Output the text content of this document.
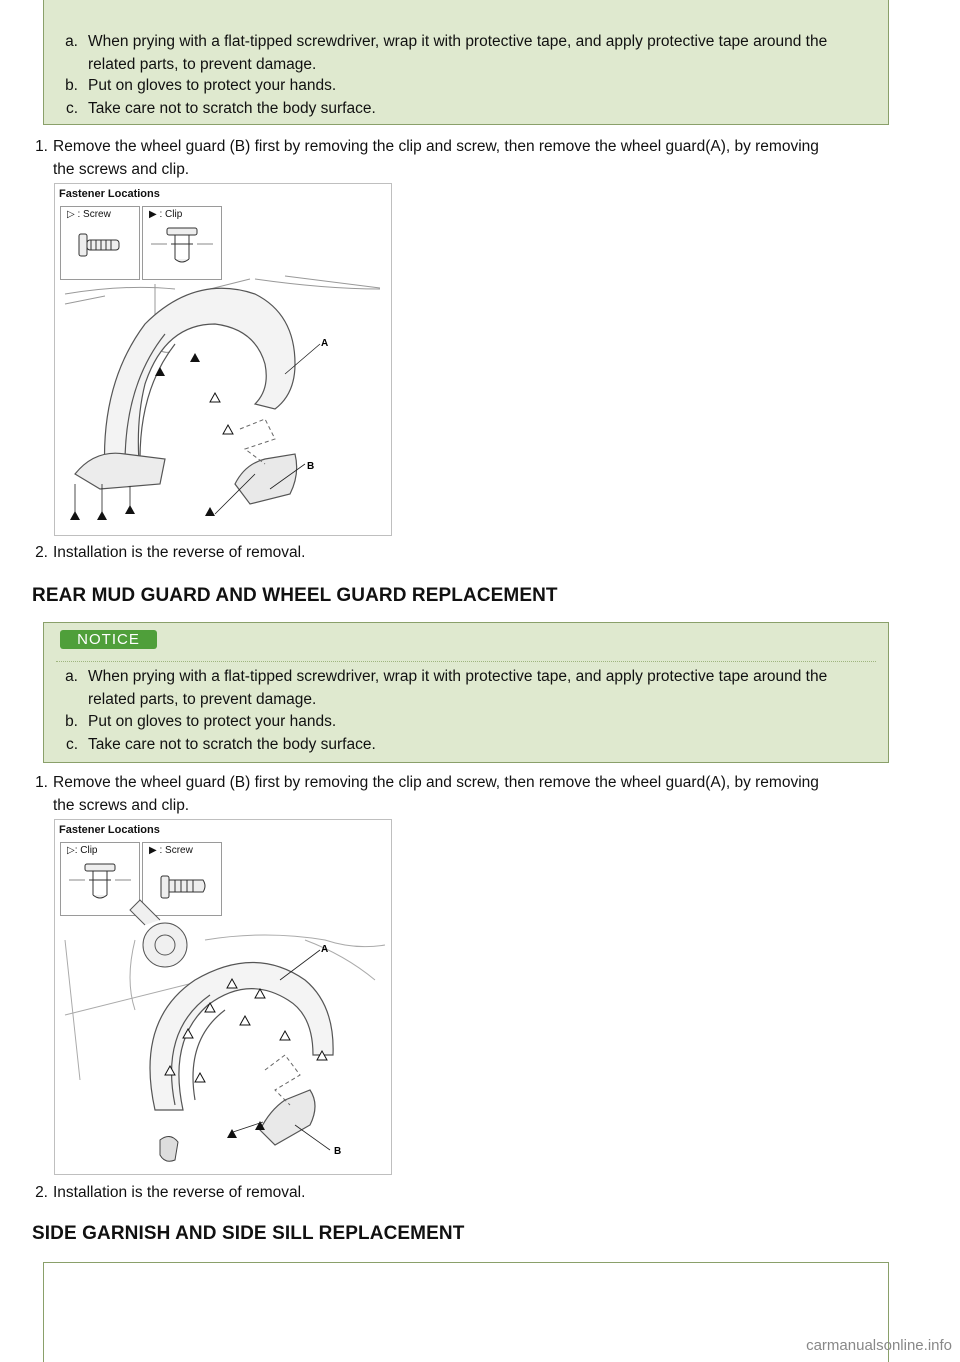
a. When prying with a flat-tipped screwdriver, wrap it with protective tape, and apply protective tape around the
related parts, to prevent damage.
b. Put on gloves to protect your hands.
c. Take care not to scratch the body surface.
1. Remove the wheel guard (B) first by removing the clip and screw, then remove the wheel guard(A), by removing
the screws and clip.
Fastener Locations
▷ : Screw	▶ : Clip
A
B
2. Installation is the reverse of removal.
REAR MUD GUARD AND WHEEL GUARD REPLACEMENT
NOTICE
a. When prying with a flat-tipped screwdriver, wrap it with protective tape, and apply protective tape around the
related parts, to prevent damage.
b. Put on gloves to protect your hands.
c. Take care not to scratch the body surface.
1. Remove the wheel guard (B) first by removing the clip and screw, then remove the wheel guard(A), by removing
the screws and clip.
Fastener Locations
▷: Clip	▶ : Screw
A
B
2. Installation is the reverse of removal.
SIDE GARNISH AND SIDE SILL REPLACEMENT
carmanualsonline.info
